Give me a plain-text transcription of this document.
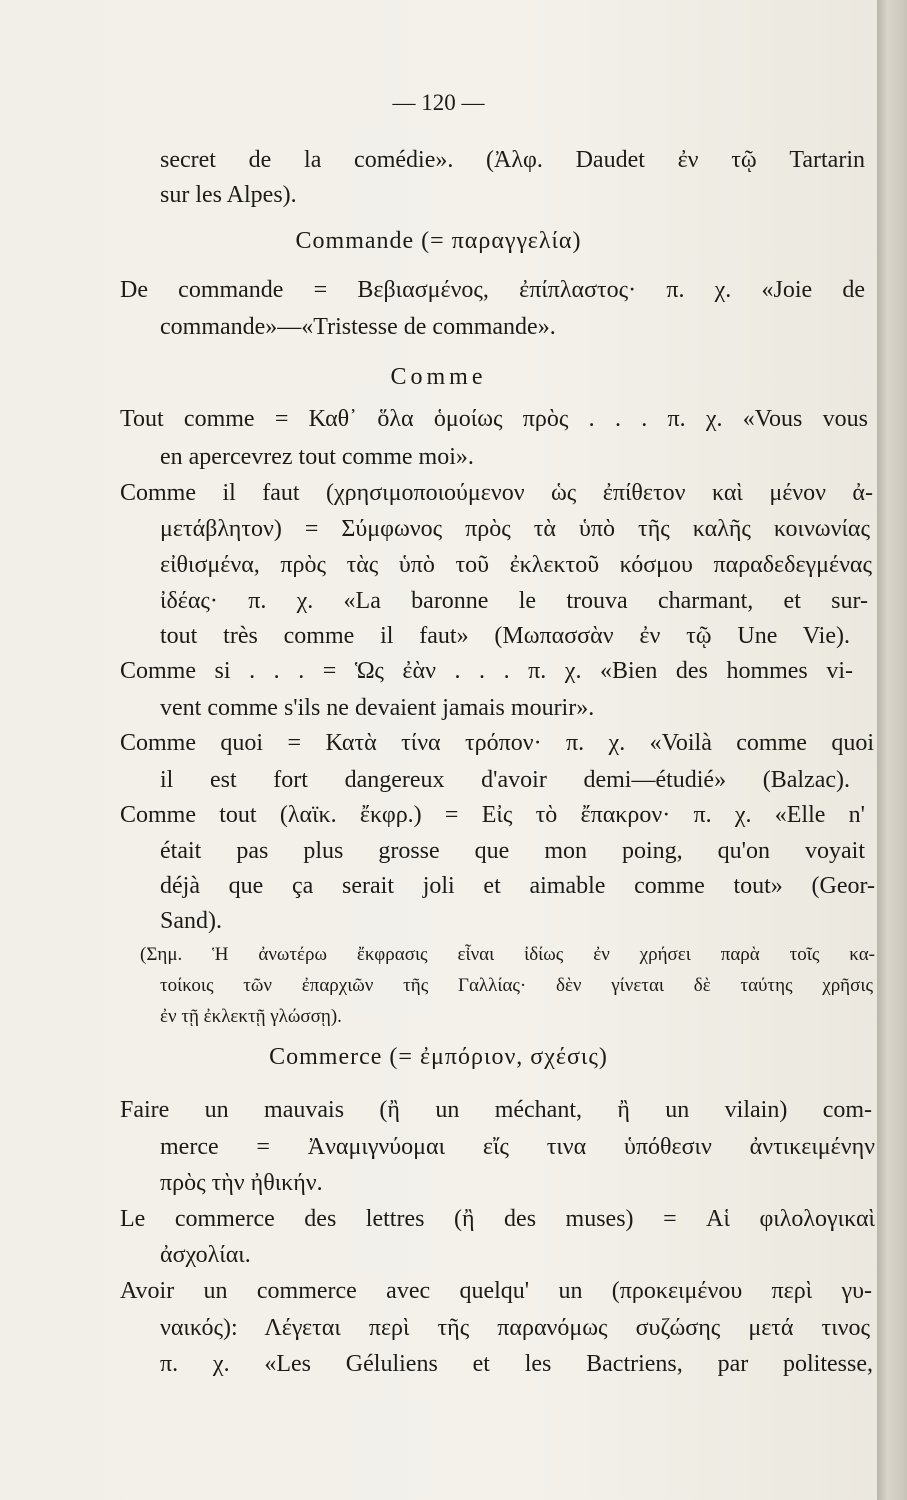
— 120 —
secret de la comédie». (Ἀλφ. Daudet ἐν τῷ Tartarin
sur les Alpes).
Commande (= παραγγελία)
De commande = Βεβιασμένος, ἐπίπλαστος· π. χ. «Joie de
commande»—«Tristesse de commande».
Comme
Tout comme = Καθ᾽ ὅλα ὁμοίως πρὸς . . . π. χ. «Vous vous
en apercevrez tout comme moi».
Comme il faut (χρησιμοποιούμενον ὡς ἐπίθετον καὶ μένον ἀ-
μετάβλητον) = Σύμφωνος πρὸς τὰ ὑπὸ τῆς καλῆς κοινωνίας
εἰθισμένα, πρὸς τὰς ὑπὸ τοῦ ἐκλεκτοῦ κόσμου παραδεδεγμένας
ἰδέας· π. χ. «La baronne le trouva charmant, et sur-
tout très comme il faut» (Μωπασσὰν ἐν τῷ Une Vie).
Comme si . . . = Ὡς ἐὰν . . . π. χ. «Bien des hommes vi-
vent comme s'ils ne devaient jamais mourir».
Comme quoi = Κατὰ τίνα τρόπον· π. χ. «Voilà comme quoi
il est fort dangereux d'avoir demi—étudié» (Balzac).
Comme tout (λαϊκ. ἔκφρ.) = Εἰς τὸ ἔπακρον· π. χ. «Elle n'
était pas plus grosse que mon poing, qu'on voyait
déjà que ça serait joli et aimable comme tout» (Geor-
Sand).
(Σημ. Ἡ ἀνωτέρω ἔκφρασις εἶναι ἰδίως ἐν χρήσει παρὰ τοῖς κα-
τοίκοις τῶν ἐπαρχιῶν τῆς Γαλλίας· δὲν γίνεται δὲ ταύτης χρῆσις
ἐν τῇ ἐκλεκτῇ γλώσσῃ).
Commerce (= ἐμπόριον, σχέσις)
Faire un mauvais (ἢ un méchant, ἢ un vilain) com-
merce = Ἀναμιγνύομαι εἴς τινα ὑπόθεσιν ἀντικειμένην
πρὸς τὴν ἠθικήν.
Le commerce des lettres (ἢ des muses) = Αἱ φιλολογικαὶ
ἀσχολίαι.
Avoir un commerce avec quelqu' un (προκειμένου περὶ γυ-
ναικός): Λέγεται περὶ τῆς παρανόμως συζώσης μετά τινος
π. χ. «Les Géluliens et les Bactriens, par politesse,
